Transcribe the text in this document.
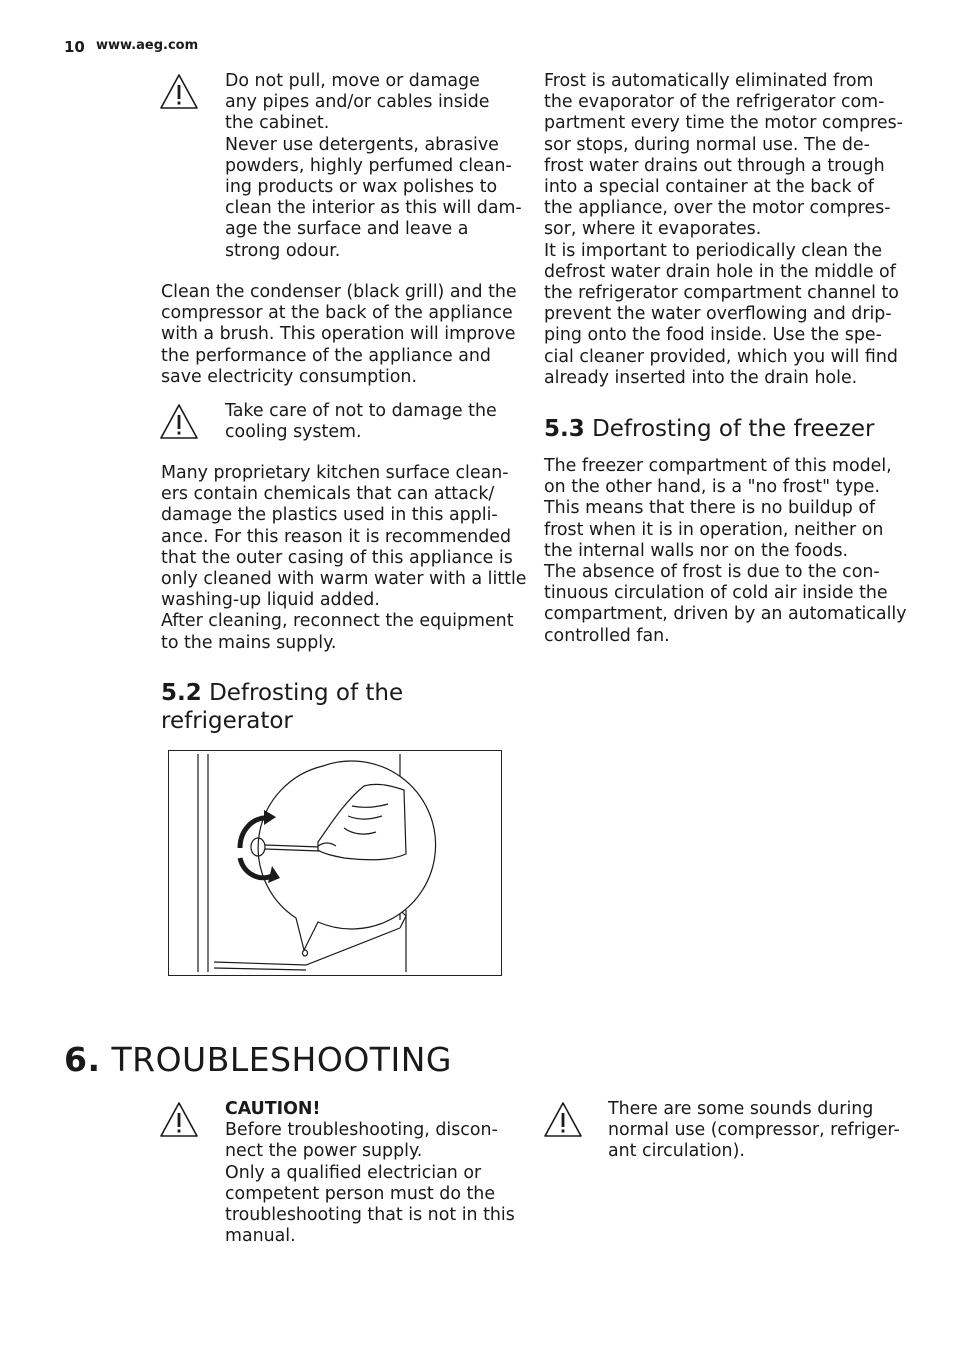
10 www.aeg.com

Do not pull, move or damage

any pipes and/or cables inside

the cabinet.

Never use detergents, abrasive

powders, highly perfumed clean-

ing products or wax polishes to

clean the interior as this will dam-

age the surface and leave a

strong odour.

Clean the condenser (black grill) and the

compressor at the back of the appliance

with a brush. This operation will improve

the performance of the appliance and

save electricity consumption.

Take care of not to damage the

cooling system.

Many proprietary kitchen surface clean-

ers contain chemicals that can attack/

damage the plastics used in this appli-

ance. For this reason it is recommended

that the outer casing of this appliance is

only cleaned with warm water with a little

washing-up liquid added.

After cleaning, reconnect the equipment

to the mains supply.

5.2 Defrosting of the
refrigerator

Frost is automatically eliminated from

the evaporator of the refrigerator com-

partment every time the motor compres-

sor stops, during normal use. The de-

frost water drains out through a trough

into a special container at the back of

the appliance, over the motor compres-

sor, where it evaporates.

It is important to periodically clean the

defrost water drain hole in the middle of

the refrigerator compartment channel to

prevent the water overflowing and drip-

ping onto the food inside. Use the spe-

cial cleaner provided, which you will find

already inserted into the drain hole.

5.3 Defrosting of the freezer

The freezer compartment of this model,

on the other hand, is a "no frost" type.

This means that there is no buildup of

frost when it is in operation, neither on

the internal walls nor on the foods.

The absence of frost is due to the con-

tinuous circulation of cold air inside the

compartment, driven by an automatically

controlled fan.

6. TROUBLESHOOTING

CAUTION!

Before troubleshooting, discon-

nect the power supply.

Only a qualified electrician or

competent person must do the

troubleshooting that is not in this

manual.

There are some sounds during

normal use (compressor, refriger-

ant circulation).
